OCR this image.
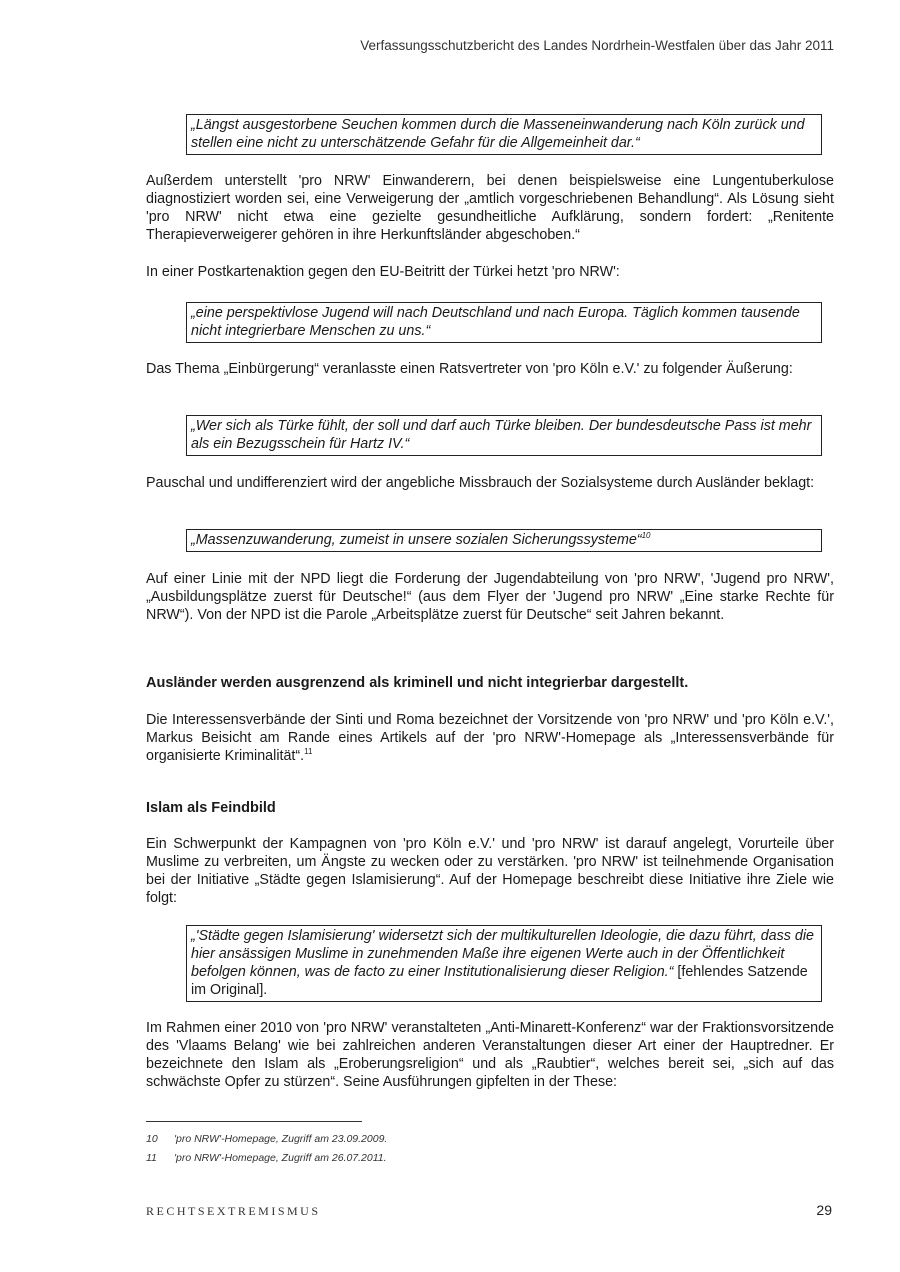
Verfassungsschutzbericht des Landes Nordrhein-Westfalen über das Jahr 2011
„Längst ausgestorbene Seuchen kommen durch die Masseneinwanderung nach Köln zurück und stellen eine nicht zu unterschätzende Gefahr für die Allgemeinheit dar.“

Außerdem unterstellt 'pro NRW' Einwanderern, bei denen beispielsweise eine Lungentuberkulose diagnostiziert worden sei, eine Verweigerung der „amtlich vorgeschriebenen Behandlung“. Als Lösung sieht 'pro NRW' nicht etwa eine gezielte gesundheitliche Aufklärung, sondern fordert: „Renitente Therapieverweigerer gehören in ihre Herkunftsländer abgeschoben.“

In einer Postkartenaktion gegen den EU-Beitritt der Türkei hetzt 'pro NRW':

„eine perspektivlose Jugend will nach Deutschland und nach Europa. Täglich kommen tausende nicht integrierbare Menschen zu uns.“

Das Thema „Einbürgerung“ veranlasste einen Ratsvertreter von 'pro Köln e.V.' zu folgender Äußerung:

„Wer sich als Türke fühlt, der soll und darf auch Türke bleiben. Der bundesdeutsche Pass ist mehr als ein Bezugsschein für Hartz IV.“

Pauschal und undifferenziert wird der angebliche Missbrauch der Sozialsysteme durch Ausländer beklagt:

„Massenzuwanderung, zumeist in unsere sozialen Sicherungssysteme“$^{10}$

Auf einer Linie mit der NPD liegt die Forderung der Jugendabteilung von 'pro NRW', 'Jugend pro NRW', „Ausbildungsplätze zuerst für Deutsche!“ (aus dem Flyer der 'Jugend pro NRW' „Eine starke Rechte für NRW“). Von der NPD ist die Parole „Arbeitsplätze zuerst für Deutsche“ seit Jahren bekannt.

Ausländer werden ausgrenzend als kriminell und nicht integrierbar dargestellt.

Die Interessensverbände der Sinti und Roma bezeichnet der Vorsitzende von 'pro NRW' und 'pro Köln e.V.', Markus Beisicht am Rande eines Artikels auf der 'pro NRW'-Homepage als „Interessensverbände für organisierte Kriminalität“.$^{11}$

Islam als Feindbild

Ein Schwerpunkt der Kampagnen von 'pro Köln e.V.' und 'pro NRW' ist darauf angelegt, Vorurteile über Muslime zu verbreiten, um Ängste zu wecken oder zu verstärken. 'pro NRW' ist teilnehmende Organisation bei der Initiative „Städte gegen Islamisierung“. Auf der Homepage beschreibt diese Initiative ihre Ziele wie folgt:

„'Städte gegen Islamisierung' widersetzt sich der multikulturellen Ideologie, die dazu führt, dass die hier ansässigen Muslime in zunehmenden Maße ihre eigenen Werte auch in der Öffentlichkeit befolgen können, was de facto zu einer Institutionalisierung dieser Religion.“ [fehlendes Satzende im Original].

Im Rahmen einer 2010 von 'pro NRW' veranstalteten „Anti-Minarett-Konferenz“ war der Fraktionsvorsitzende des 'Vlaams Belang' wie bei zahlreichen anderen Veranstaltungen dieser Art einer der Hauptredner. Er bezeichnete den Islam als „Eroberungsreligion“ und als „Raubtier“, welches bereit sei, „sich auf das schwächste Opfer zu stürzen“. Seine Ausführungen gipfelten in der These:

10 'pro NRW'-Homepage, Zugriff am 23.09.2009.
11 'pro NRW'-Homepage, Zugriff am 26.07.2011.
RECHTSEXTREMISMUS	29
